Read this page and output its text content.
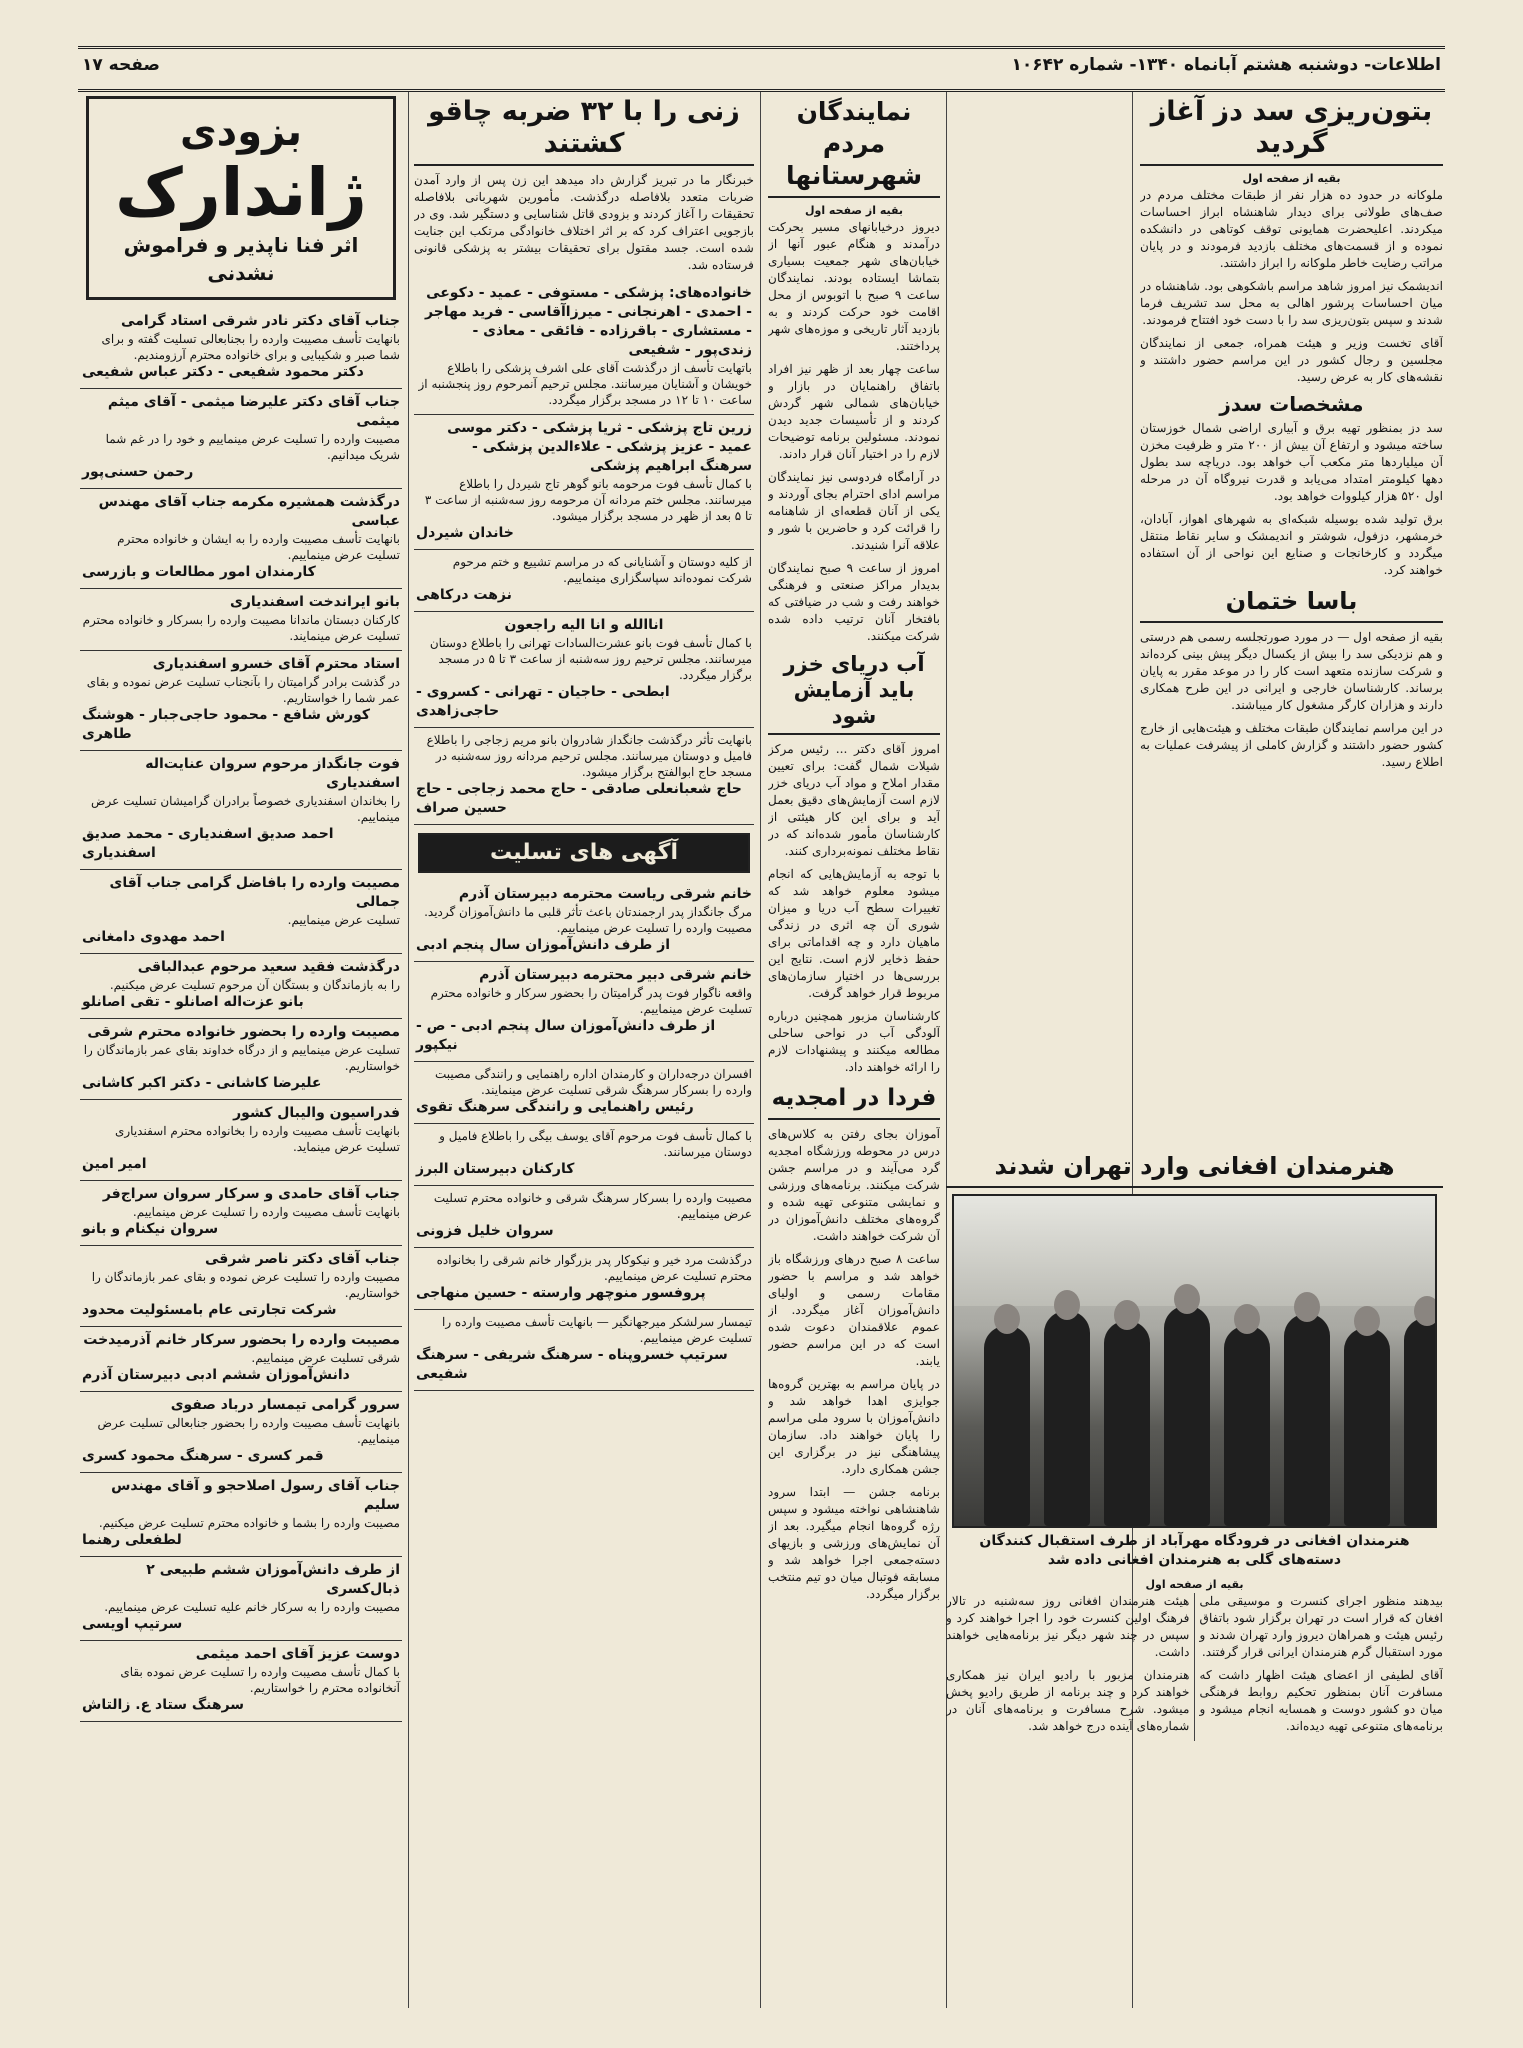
اطلاعات- دوشنبه هشتم آبانماه ۱۳۴۰- شماره ۱۰۶۴۲
صفحه ۱۷
بتون‌ریزی سد دز آغاز گردید
بقیه از صفحه اول

ملوکانه در حدود ده هزار نفر از طبقات مختلف مردم در صف‌های طولانی برای دیدار شاهنشاه ابراز احساسات میکردند. اعلیحضرت همایونی توقف کوتاهی در دانشکده نموده و از قسمت‌های مختلف بازدید فرمودند و در پایان مراتب رضایت خاطر ملوکانه را ابراز داشتند.

اندیشمک نیز امروز شاهد مراسم باشکوهی بود. شاهنشاه در میان احساسات پرشور اهالی به محل سد تشریف فرما شدند و سپس بتون‌ریزی سد را با دست خود افتتاح فرمودند.

آقای تخست وزیر و هیئت همراه، جمعی از نمایندگان مجلسین و رجال کشور در این مراسم حضور داشتند و نقشه‌های کار به عرض رسید.

مشخصات سدز

سد دز بمنظور تهیه برق و آبیاری اراضی شمال خوزستان ساخته میشود و ارتفاع آن بیش از ۲۰۰ متر و ظرفیت مخزن آن میلیاردها متر مکعب آب خواهد بود. دریاچه سد بطول دهها کیلومتر امتداد می‌یابد و قدرت نیروگاه آن در مرحله اول ۵۲۰ هزار کیلووات خواهد بود.

برق تولید شده بوسیله شبکه‌ای به شهرهای اهواز، آبادان، خرمشهر، دزفول، شوشتر و اندیمشک و سایر نقاط منتقل میگردد و کارخانجات و صنایع این نواحی از آن استفاده خواهند کرد.

باسا ختمان

بقیه از صفحه اول — در مورد صورتجلسه رسمی هم درستی و هم نزدیکی سد را بیش از یکسال دیگر پیش بینی کرده‌اند و شرکت سازنده متعهد است کار را در موعد مقرر به پایان برساند. کارشناسان خارجی و ایرانی در این طرح همکاری دارند و هزاران کارگر مشغول کار میباشند.

در این مراسم نمایندگان طبقات مختلف و هیئت‌هایی از خارج کشور حضور داشتند و گزارش کاملی از پیشرفت عملیات به اطلاع رسید.

نمایندگان مردم شهرستانها
بقیه از صفحه اول

دیروز درخیابانهای مسیر بحرکت درآمدند و هنگام عبور آنها از خیابان‌های شهر جمعیت بسیاری بتماشا ایستاده بودند. نمایندگان ساعت ۹ صبح با اتوبوس از محل اقامت خود حرکت کردند و به بازدید آثار تاریخی و موزه‌های شهر پرداختند.

ساعت چهار بعد از ظهر نیز افراد باتفاق راهنمایان در بازار و خیابان‌های شمالی شهر گردش کردند و از تأسیسات جدید دیدن نمودند. مسئولین برنامه توضیحات لازم را در اختیار آنان قرار دادند.

در آرامگاه فردوسی نیز نمایندگان مراسم ادای احترام بجای آوردند و یکی از آنان قطعه‌ای از شاهنامه را قرائت کرد و حاضرین با شور و علاقه آنرا شنیدند.

امروز از ساعت ۹ صبح نمایندگان بدیدار مراکز صنعتی و فرهنگی خواهند رفت و شب در ضیافتی که بافتخار آنان ترتیب داده شده شرکت میکنند.

آب دریای خزر باید آزمایش شود

امروز آقای دکتر ... رئیس مرکز شیلات شمال گفت: برای تعیین مقدار املاح و مواد آب دریای خزر لازم است آزمایش‌های دقیق بعمل آید و برای این کار هیئتی از کارشناسان مأمور شده‌اند که در نقاط مختلف نمونه‌برداری کنند.

با توجه به آزمایش‌هایی که انجام میشود معلوم خواهد شد که تغییرات سطح آب دریا و میزان شوری آن چه اثری در زندگی ماهیان دارد و چه اقداماتی برای حفظ ذخایر لازم است. نتایج این بررسی‌ها در اختیار سازمان‌های مربوط قرار خواهد گرفت.

کارشناسان مزبور همچنین درباره آلودگی آب در نواحی ساحلی مطالعه میکنند و پیشنهادات لازم را ارائه خواهند داد.

فردا در امجدیه

آموزان بجای رفتن به کلاس‌های درس در محوطه ورزشگاه امجدیه گرد می‌آیند و در مراسم جشن شرکت میکنند. برنامه‌های ورزشی و نمایشی متنوعی تهیه شده و گروه‌های مختلف دانش‌آموزان در آن شرکت خواهند داشت.

ساعت ۸ صبح درهای ورزشگاه باز خواهد شد و مراسم با حضور مقامات رسمی و اولیای دانش‌آموزان آغاز میگردد. از عموم علاقمندان دعوت شده است که در این مراسم حضور یابند.

در پایان مراسم به بهترین گروه‌ها جوایزی اهدا خواهد شد و دانش‌آموزان با سرود ملی مراسم را پایان خواهند داد. سازمان پیشاهنگی نیز در برگزاری این جشن همکاری دارد.

برنامه جشن — ابتدا سرود شاهنشاهی نواخته میشود و سپس رژه گروه‌ها انجام میگیرد. بعد از آن نمایش‌های ورزشی و بازیهای دسته‌جمعی اجرا خواهد شد و مسابقه فوتبال میان دو تیم منتخب برگزار میگردد.

هنرمندان افغانی وارد تهران شدند
هنرمندان افغانی در فرودگاه مهرآباد از طرف استقبال کنندگان دسته‌های گلی به هنرمندان افغانی داده شد
بقیه از صفحه اول

بیدهند منظور اجرای کنسرت و موسیقی ملی افغان که قرار است در تهران برگزار شود باتفاق رئیس هیئت و همراهان دیروز وارد تهران شدند و مورد استقبال گرم هنرمندان ایرانی قرار گرفتند.

آقای لطیفی از اعضای هیئت اظهار داشت که مسافرت آنان بمنظور تحکیم روابط فرهنگی میان دو کشور دوست و همسایه انجام میشود و برنامه‌های متنوعی تهیه دیده‌اند.

هیئت هنرمندان افغانی روز سه‌شنبه در تالار فرهنگ اولین کنسرت خود را اجرا خواهند کرد و سپس در چند شهر دیگر نیز برنامه‌هایی خواهند داشت.

هنرمندان مزبور با رادیو ایران نیز همکاری خواهند کرد و چند برنامه از طریق رادیو پخش میشود. شرح مسافرت و برنامه‌های آنان در شماره‌های آینده درج خواهد شد.

زنی را با ۳۲ ضربه چاقو کشتند

خبرنگار ما در تبریز گزارش داد میدهد این زن پس از وارد آمدن ضربات متعدد بلافاصله درگذشت. مأمورین شهربانی بلافاصله تحقیقات را آغاز کردند و بزودی قاتل شناسایی و دستگیر شد. وی در بازجویی اعتراف کرد که بر اثر اختلاف خانوادگی مرتکب این جنایت شده است. جسد مقتول برای تحقیقات بیشتر به پزشکی قانونی فرستاده شد.

خانواده‌های: پزشکی - مستوفی - عمید - دکوعی - احمدی - اهرنجانی - میرزاآقاسی - فرید مهاجر - مستشاری - باقرزاده - فائقی - معاذی - زندی‌پور - شفیعی
باتهایت تأسف از درگذشت آقای علی اشرف پزشکی را باطلاع خویشان و آشنایان میرسانند. مجلس ترحیم آنمرحوم روز پنجشنبه از ساعت ۱۰ تا ۱۲ در مسجد برگزار میگردد.
زرین تاج پزشکی - ثریا پزشکی - دکتر موسی عمید - عزیز پزشکی - علاءالدین پزشکی - سرهنگ ابراهیم پزشکی
با کمال تأسف فوت مرحومه بانو گوهر تاج شیردل را باطلاع میرسانند. مجلس ختم مردانه آن مرحومه روز سه‌شنبه از ساعت ۳ تا ۵ بعد از ظهر در مسجد برگزار میشود.
خاندان شیردل
از کلیه دوستان و آشنایانی که در مراسم تشییع و ختم مرحوم شرکت نموده‌اند سپاسگزاری مینماییم.
نزهت درکاهی
اناالله و انا الیه راجعون
با کمال تأسف فوت بانو عشرت‌السادات تهرانی را باطلاع دوستان میرسانند. مجلس ترحیم روز سه‌شنبه از ساعت ۳ تا ۵ در مسجد برگزار میگردد.
ابطحی - حاجیان - تهرانی - کسروی - حاجی‌زاهدی
بانهایت تأثر درگذشت جانگداز شادروان بانو مریم زجاجی را باطلاع فامیل و دوستان میرسانند. مجلس ترحیم مردانه روز سه‌شنبه در مسجد حاج ابوالفتح برگزار میشود.
حاج شعبانعلی صادقی - حاج محمد زجاجی - حاج حسین صراف
آگهی های تسلیت
خانم شرقی ریاست محترمه دبیرستان آذرم
مرگ جانگداز پدر ارجمندتان باعث تأثر قلبی ما دانش‌آموزان گردید. مصیبت وارده را تسلیت عرض مینماییم.
از طرف دانش‌آموزان سال پنجم ادبی
خانم شرقی دبیر محترمه دبیرستان آذرم
واقعه ناگوار فوت پدر گرامیتان را بحضور سرکار و خانواده محترم تسلیت عرض مینماییم.
از طرف دانش‌آموزان سال پنجم ادبی - ص - نیکپور
افسران درجه‌داران و کارمندان اداره راهنمایی و رانندگی مصیبت وارده را بسرکار سرهنگ شرقی تسلیت عرض مینمایند.
رئیس راهنمایی و رانندگی سرهنگ تقوی
با کمال تأسف فوت مرحوم آقای یوسف بیگی را باطلاع فامیل و دوستان میرسانند.
کارکنان دبیرستان البرز
مصیبت وارده را بسرکار سرهنگ شرقی و خانواده محترم تسلیت عرض مینماییم.
سروان خلیل فزونی
درگذشت مرد خیر و نیکوکار پدر بزرگوار خانم شرقی را بخانواده محترم تسلیت عرض مینماییم.
پروفسور منوچهر وارسته - حسین منهاجی
تیمسار سرلشکر میرجهانگیر — بانهایت تأسف مصیبت وارده را تسلیت عرض مینماییم.
سرتیپ خسروپناه - سرهنگ شریفی - سرهنگ شفیعی
بزودی
ژاندارک
اثر فنا ناپذیر و فراموش نشدنی
جناب آقای دکتر نادر شرقی استاد گرامی
بانهایت تأسف مصیبت وارده را بجنابعالی تسلیت گفته و برای شما صبر و شکیبایی و برای خانواده محترم آرزومندیم.
دکتر محمود شفیعی - دکتر عباس شفیعی
جناب آقای دکتر علیرضا میثمی - آقای میثم میثمی
مصیبت وارده را تسلیت عرض مینماییم و خود را در غم شما شریک میدانیم.
رحمن حسنی‌پور
درگذشت همشیره مکرمه جناب آقای مهندس عباسی
بانهایت تأسف مصیبت وارده را به ایشان و خانواده محترم تسلیت عرض مینماییم.
کارمندان امور مطالعات و بازرسی
بانو ایراندخت اسفندیاری
کارکنان دبستان ماندانا مصیبت وارده را بسرکار و خانواده محترم تسلیت عرض مینمایند.
استاد محترم آقای خسرو اسفندیاری
در گذشت برادر گرامیتان را بآنجناب تسلیت عرض نموده و بقای عمر شما را خواستاریم.
کورش شافع - محمود حاجی‌جبار - هوشنگ طاهری
فوت جانگداز مرحوم سروان عنایت‌اله اسفندیاری
را بخاندان اسفندیاری خصوصاً برادران گرامیشان تسلیت عرض مینماییم.
احمد صدیق اسفندیاری - محمد صدیق اسفندیاری
مصیبت وارده را بافاضل گرامی جناب آقای جمالی
تسلیت عرض مینماییم.
احمد مهدوی دامغانی
درگذشت فقید سعید مرحوم عبدالباقی
را به بازماندگان و بستگان آن مرحوم تسلیت عرض میکنیم.
بانو عزت‌اله اصانلو - تقی اصانلو
مصیبت وارده را بحضور خانواده محترم شرقی
تسلیت عرض مینماییم و از درگاه خداوند بقای عمر بازماندگان را خواستاریم.
علیرضا کاشانی - دکتر اکبر کاشانی
فدراسیون والیبال کشور
بانهایت تأسف مصیبت وارده را بخانواده محترم اسفندیاری تسلیت عرض مینماید.
امیر امین
جناب آقای حامدی و سرکار سروان سراج‌فر
بانهایت تأسف مصیبت وارده را تسلیت عرض مینماییم.
سروان نیکنام و بانو
جناب آقای دکتر ناصر شرقی
مصیبت وارده را تسلیت عرض نموده و بقای عمر بازماندگان را خواستاریم.
شرکت تجارتی عام بامسئولیت محدود
مصیبت وارده را بحضور سرکار خانم آذرمیدخت
شرقی تسلیت عرض مینماییم.
دانش‌آموزان ششم ادبی دبیرستان آذرم
سرور گرامی تیمسار درباد صفوی
بانهایت تأسف مصیبت وارده را بحضور جنابعالی تسلیت عرض مینماییم.
قمر کسری - سرهنگ محمود کسری
جناب آقای رسول اصلاحجو و آقای مهندس سلیم
مصیبت وارده را بشما و خانواده محترم تسلیت عرض میکنیم.
لطفعلی رهنما
از طرف دانش‌آموزان ششم طبیعی ۲ ذبال‌کسری
مصیبت وارده را به سرکار خانم علیه تسلیت عرض مینماییم.
سرتیپ اویسی
دوست عزیز آقای احمد میثمی
با کمال تأسف مصیبت وارده را تسلیت عرض نموده بقای آنخانواده محترم را خواستاریم.
سرهنگ ستاد ع. زالتاش
